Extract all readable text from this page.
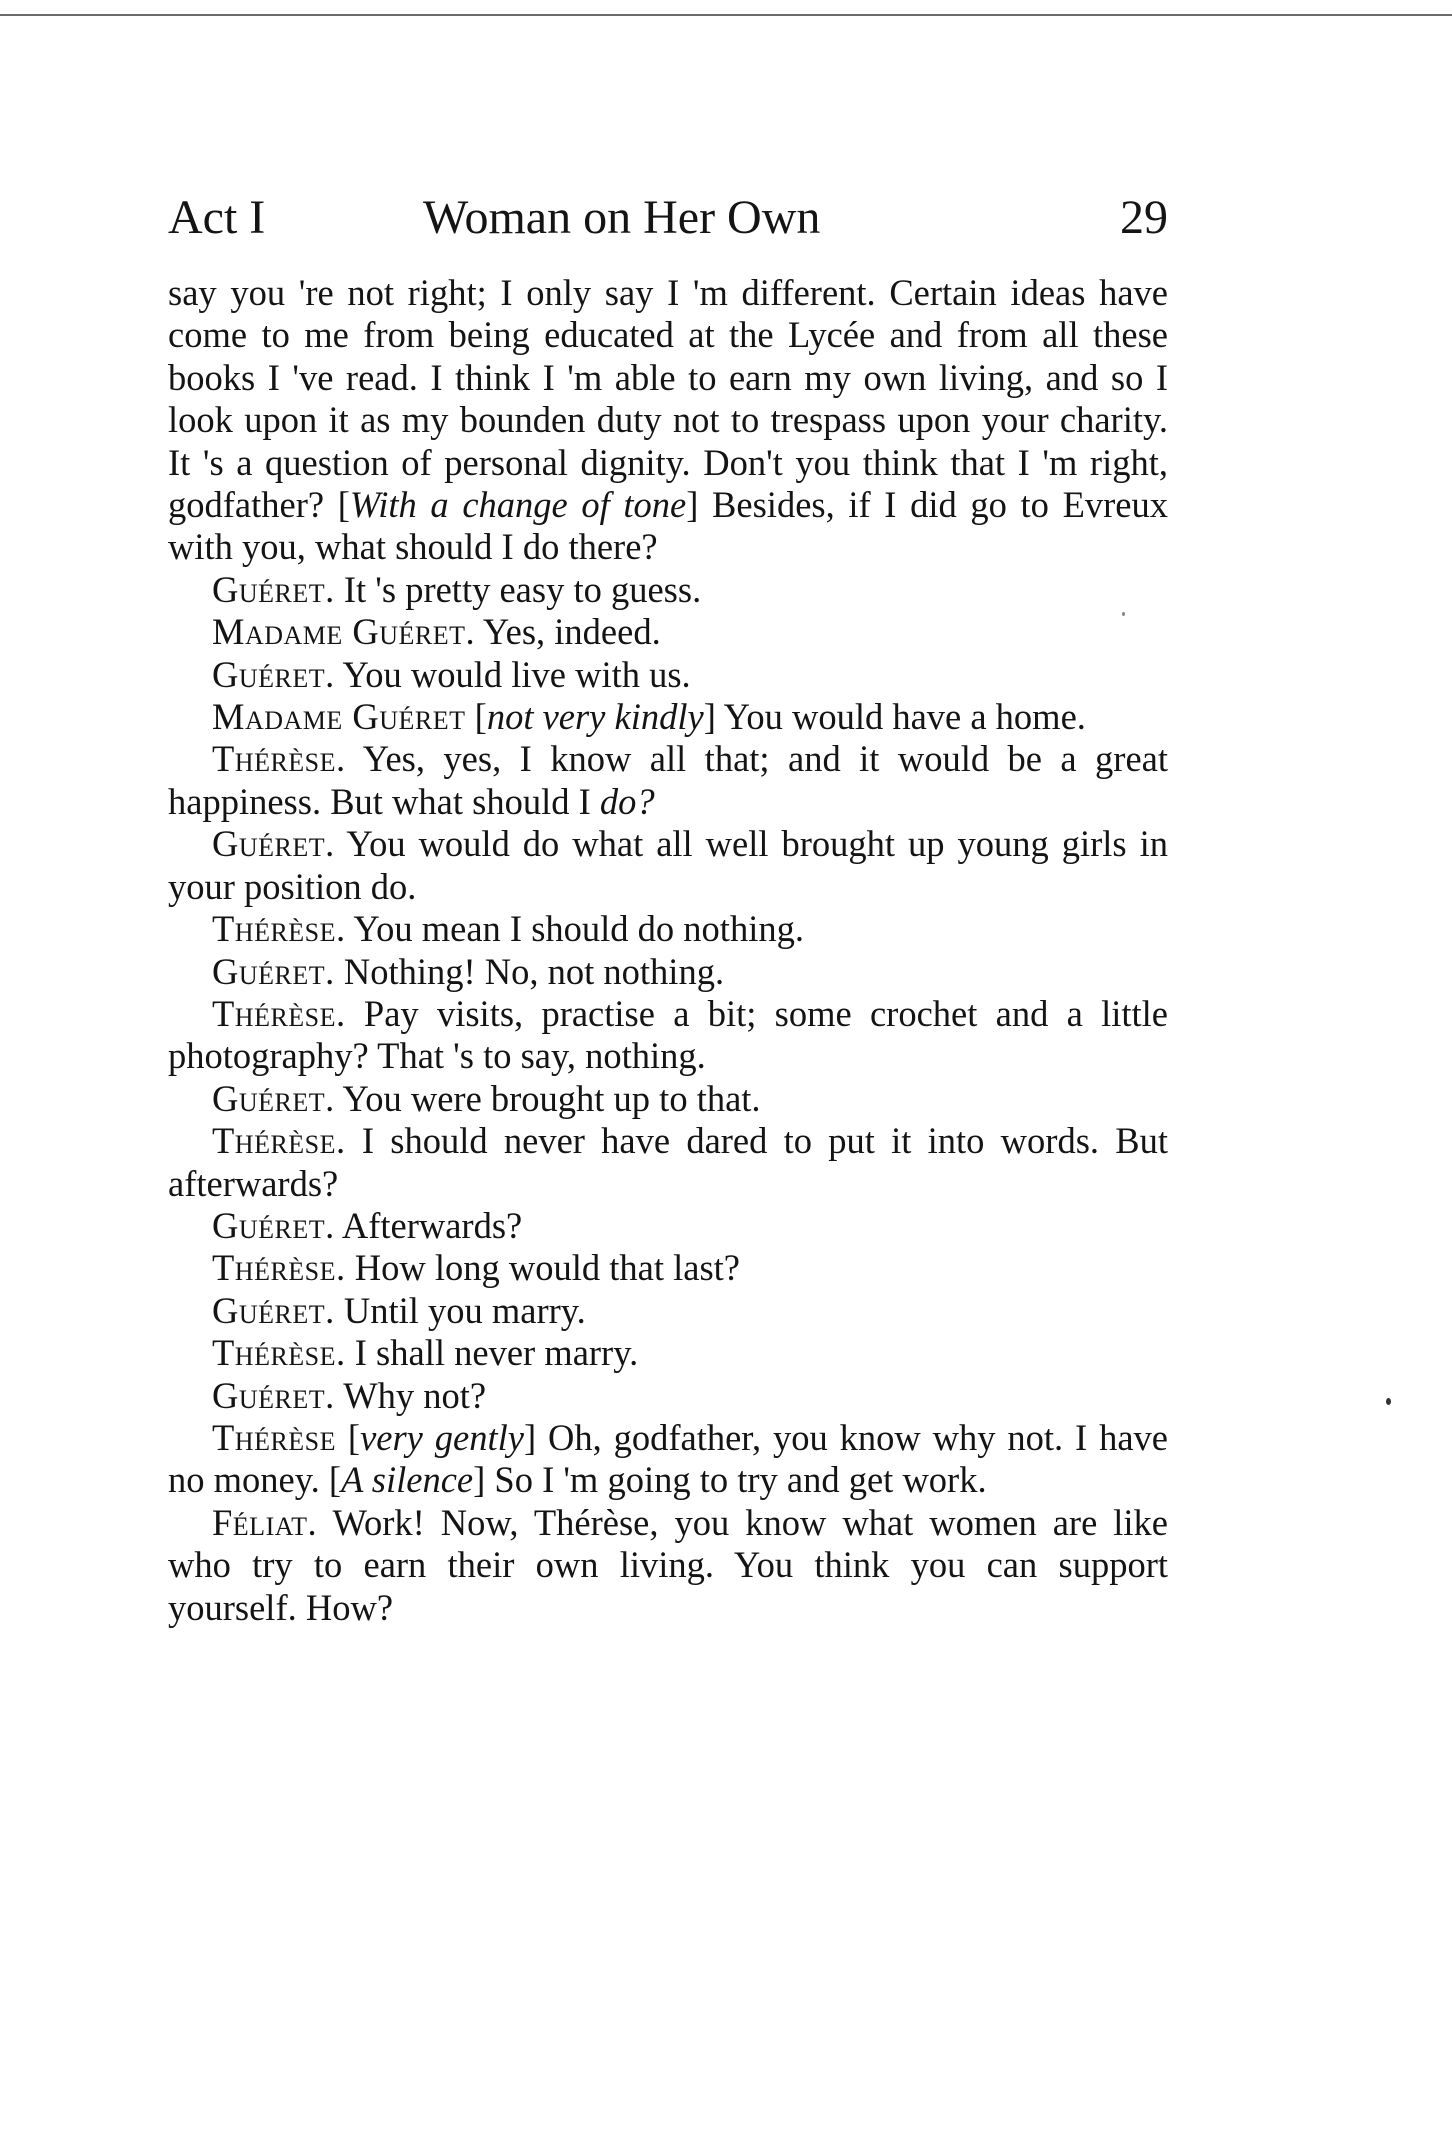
Act I	Woman on Her Own	29

say you 're not right; I only say I 'm different. Certain ideas have come to me from being educated at the Lycée and from all these books I 've read. I think I 'm able to earn my own living, and so I look upon it as my bounden duty not to trespass upon your charity. It 's a question of personal dignity. Don't you think that I 'm right, godfather? [With a change of tone] Besides, if I did go to Evreux with you, what should I do there?

Guéret. It 's pretty easy to guess.

Madame Guéret. Yes, indeed.

Guéret. You would live with us.

Madame Guéret [not very kindly] You would have a home.

Thérèse. Yes, yes, I know all that; and it would be a great happiness. But what should I do?

Guéret. You would do what all well brought up young girls in your position do.

Thérèse. You mean I should do nothing.

Guéret. Nothing! No, not nothing.

Thérèse. Pay visits, practise a bit; some crochet and a little photography? That 's to say, nothing.

Guéret. You were brought up to that.

Thérèse. I should never have dared to put it into words. But afterwards?

Guéret. Afterwards?

Thérèse. How long would that last?

Guéret. Until you marry.

Thérèse. I shall never marry.

Guéret. Why not?

Thérèse [very gently] Oh, godfather, you know why not. I have no money. [A silence] So I 'm going to try and get work.

Féliat. Work! Now, Thérèse, you know what women are like who try to earn their own living. You think you can support yourself. How?
